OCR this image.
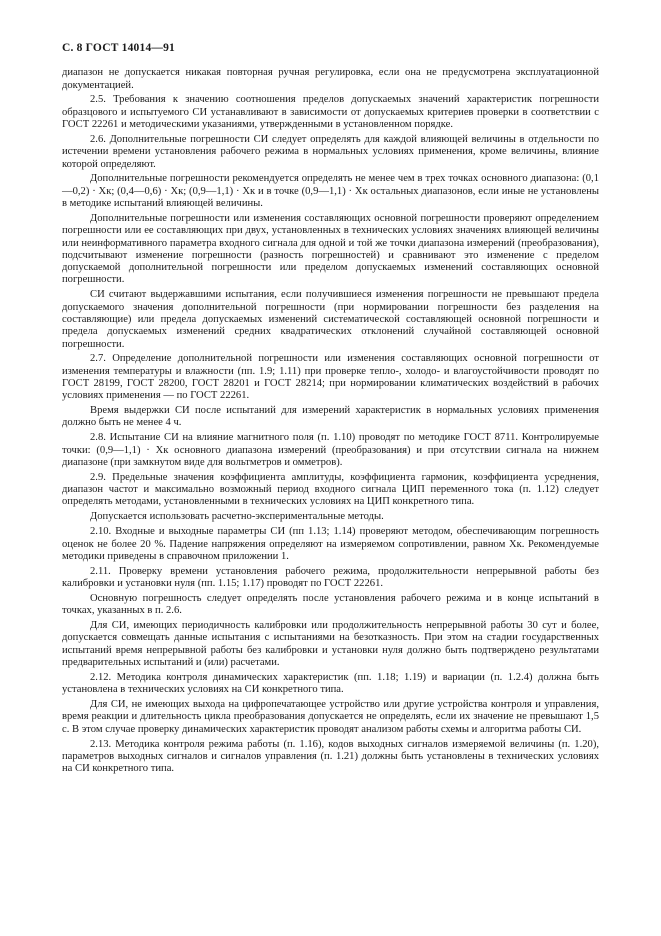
С. 8 ГОСТ 14014—91

диапазон не допускается никакая повторная ручная регулировка, если она не предусмотрена эксплуатационной документацией.

2.5. Требования к значению соотношения пределов допускаемых значений характеристик погрешности образцового и испытуемого СИ устанавливают в зависимости от допускаемых критериев проверки в соответствии с ГОСТ 22261 и методическими указаниями, утвержденными в установленном порядке.

2.6. Дополнительные погрешности СИ следует определять для каждой влияющей величины в отдельности по истечении времени установления рабочего режима в нормальных условиях применения, кроме величины, влияние которой определяют.

Дополнительные погрешности рекомендуется определять не менее чем в трех точках основного диапазона: (0,1—0,2) · Xк; (0,4—0,6) · Xк; (0,9—1,1) · Xк и в точке (0,9—1,1) · Xк остальных диапазонов, если иные не установлены в методике испытаний влияющей величины.

Дополнительные погрешности или изменения составляющих основной погрешности проверяют определением погрешности или ее составляющих при двух, установленных в технических условиях значениях влияющей величины или неинформативного параметра входного сигнала для одной и той же точки диапазона измерений (преобразования), подсчитывают изменение погрешности (разность погрешностей) и сравнивают это изменение с пределом допускаемой дополнительной погрешности или пределом допускаемых изменений составляющих основной погрешности.

СИ считают выдержавшими испытания, если получившиеся изменения погрешности не превышают предела допускаемого значения дополнительной погрешности (при нормировании погрешности без разделения на составляющие) или предела допускаемых изменений систематической составляющей основной погрешности и предела допускаемых изменений средних квадратических отклонений случайной составляющей основной погрешности.

2.7. Определение дополнительной погрешности или изменения составляющих основной погрешности от изменения температуры и влажности (пп. 1.9; 1.11) при проверке тепло-, холодо- и влагоустойчивости проводят по ГОСТ 28199, ГОСТ 28200, ГОСТ 28201 и ГОСТ 28214; при нормировании климатических воздействий в рабочих условиях применения — по ГОСТ 22261.

Время выдержки СИ после испытаний для измерений характеристик в нормальных условиях применения должно быть не менее 4 ч.

2.8. Испытание СИ на влияние магнитного поля (п. 1.10) проводят по методике ГОСТ 8711. Контролируемые точки: (0,9—1,1) · Xк основного диапазона измерений (преобразования) и при отсутствии сигнала на нижнем диапазоне (при замкнутом виде для вольтметров и омметров).

2.9. Предельные значения коэффициента амплитуды, коэффициента гармоник, коэффициента усреднения, диапазон частот и максимально возможный период входного сигнала ЦИП переменного тока (п. 1.12) следует определять методами, установленными в технических условиях на ЦИП конкретного типа.

Допускается использовать расчетно-экспериментальные методы.

2.10. Входные и выходные параметры СИ (пп 1.13; 1.14) проверяют методом, обеспечивающим погрешность оценок не более 20 %. Падение напряжения определяют на измеряемом сопротивлении, равном Xк. Рекомендуемые методики приведены в справочном приложении 1.

2.11. Проверку времени установления рабочего режима, продолжительности непрерывной работы без калибровки и установки нуля (пп. 1.15; 1.17) проводят по ГОСТ 22261.

Основную погрешность следует определять после установления рабочего режима и в конце испытаний в точках, указанных в п. 2.6.

Для СИ, имеющих периодичность калибровки или продолжительность непрерывной работы 30 сут и более, допускается совмещать данные испытания с испытаниями на безотказность. При этом на стадии государственных испытаний время непрерывной работы без калибровки и установки нуля должно быть подтверждено результатами предварительных испытаний и (или) расчетами.

2.12. Методика контроля динамических характеристик (пп. 1.18; 1.19) и вариации (п. 1.2.4) должна быть установлена в технических условиях на СИ конкретного типа.

Для СИ, не имеющих выхода на цифропечатающее устройство или другие устройства контроля и управления, время реакции и длительность цикла преобразования допускается не определять, если их значение не превышают 1,5 с. В этом случае проверку динамических характеристик проводят анализом работы схемы и алгоритма работы СИ.

2.13. Методика контроля режима работы (п. 1.16), кодов выходных сигналов измеряемой величины (п. 1.20), параметров выходных сигналов и сигналов управления (п. 1.21) должны быть установлены в технических условиях на СИ конкретного типа.
